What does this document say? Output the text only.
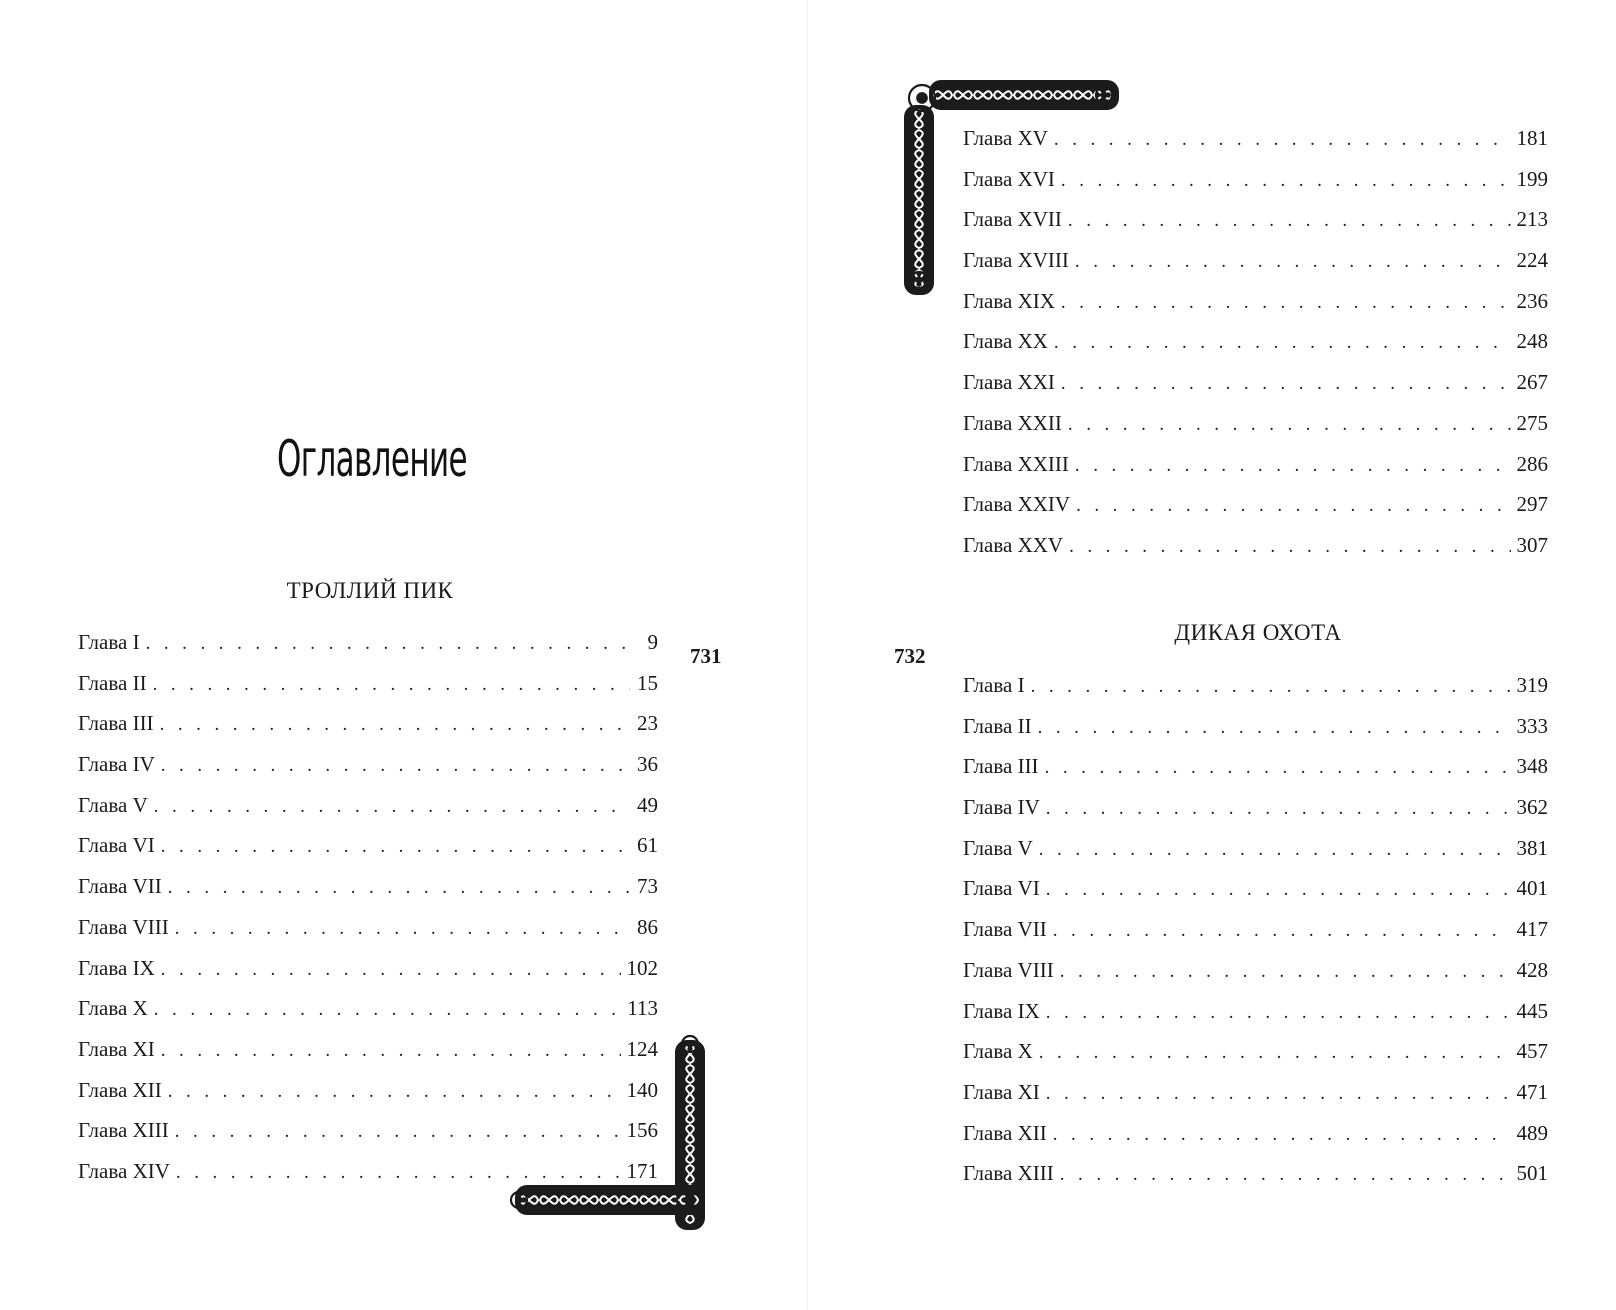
Оглавление
ТРОЛЛИЙ ПИК
Глава I . . .	9
Глава II . . .	15
Глава III . . .	23
Глава IV . . .	36
Глава V . . .	49
Глава VI . . .	61
Глава VII . . .	73
Глава VIII . . .	86
Глава IX . . .	102
Глава X . . .	113
Глава XI . . .	124
Глава XII . . .	140
Глава XIII . . .	156
Глава XIV . . .	171
731
Глава XV . . .	181
Глава XVI . . .	199
Глава XVII . . .	213
Глава XVIII . . .	224
Глава XIX . . .	236
Глава XX . . .	248
Глава XXI . . .	267
Глава XXII . . .	275
Глава XXIII . . .	286
Глава XXIV . . .	297
Глава XXV . . .	307
732
ДИКАЯ ОХОТА
Глава I . . .	319
Глава II . . .	333
Глава III . . .	348
Глава IV . . .	362
Глава V . . .	381
Глава VI . . .	401
Глава VII . . .	417
Глава VIII . . .	428
Глава IX . . .	445
Глава X . . .	457
Глава XI . . .	471
Глава XII . . .	489
Глава XIII . . .	501
